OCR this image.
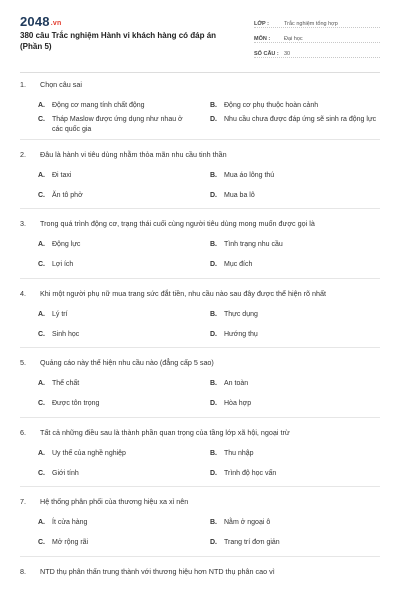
2048.vn
380 câu Trắc nghiệm Hành vi khách hàng có đáp án (Phần 5)
LỚP :	Trắc nghiệm tổng hợp
MÔN :	Đại học
SỐ CÂU : 30
1. Chọn câu sai
A.	Động cơ mang tính chất động	B.	Động cơ phụ thuộc hoàn cảnh
C.	Tháp Maslow được ứng dụng như nhau ở các quốc gia
D.	Nhu cầu chưa được đáp ứng sẽ sinh ra động lực
2. Đâu là hành vi tiêu dùng nhằm thỏa mãn nhu cầu tinh thần
A.	Đi taxi	B.	Mua áo lông thú
C.	Ăn tô phở	D.	Mua ba lô
3. Trong quá trình động cơ, trạng thái cuối cùng người tiêu dùng mong muốn được gọi là
A.	Động lực	B.	Tình trạng nhu cầu
C.	Lợi ích	D.	Mục đích
4. Khi một người phụ nữ mua trang sức đắt tiền, nhu cầu nào sau đây được thể hiện rõ nhất
A.	Lý trí	B.	Thực dụng
C.	Sinh học	D.	Hướng thụ
5. Quảng cáo này thể hiện nhu cầu nào (đẳng cấp 5 sao)
A.	Thể chất	B.	An toàn
C.	Được tôn trọng	D.	Hòa hợp
6. Tất cả những điều sau là thành phần quan trọng của tầng lớp xã hội, ngoại trừ
A.	Uy thế của nghề nghiệp	B.	Thu nhập
C.	Giới tính	D.	Trình độ học vấn
7. Hệ thống phân phối của thương hiệu xa xỉ nên
A.	Ít cửa hàng	B.	Nằm ở ngoại ô
C.	Mở rộng rãi	D.	Trang trí đơn giản
8. NTD thụ phân thấn trung thành với thương hiệu hơn NTD thụ phân cao vì
